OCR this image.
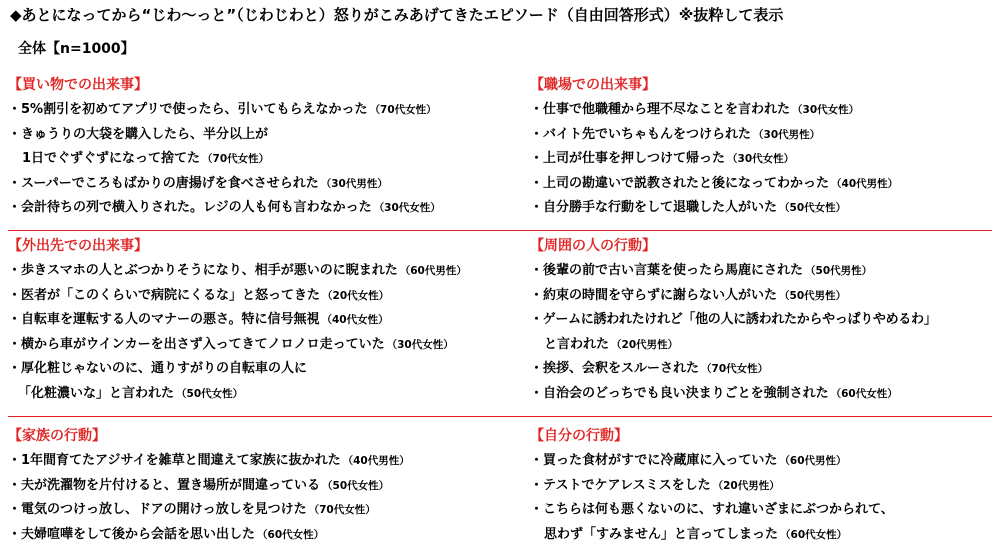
◆あとになってから“じわ～っと”（じわじわと）怒りがこみあげてきたエピソード（自由回答形式）※抜粋して表示
全体【n=1000】
【買い物での出来事】
・5%割引を初めてアプリで使ったら、引いてもらえなかった （70代女性）
・きゅうりの大袋を購入したら、半分以上が
1日でぐずぐずになって捨てた （70代女性）
・スーパーでころもばかりの唐揚げを食べさせられた （30代男性）
・会計待ちの列で横入りされた。レジの人も何も言わなかった （30代女性）
【職場での出来事】
・仕事で他職種から理不尽なことを言われた （30代女性）
・バイト先でいちゃもんをつけられた （30代男性）
・上司が仕事を押しつけて帰った （30代女性）
・上司の勘違いで説教されたと後になってわかった （40代男性）
・自分勝手な行動をして退職した人がいた （50代女性）
【外出先での出来事】
・歩きスマホの人とぶつかりそうになり、相手が悪いのに睨まれた （60代男性）
・医者が「このくらいで病院にくるな」と怒ってきた （20代女性）
・自転車を運転する人のマナーの悪さ。特に信号無視 （40代女性）
・横から車がウインカーを出さず入ってきてノロノロ走っていた （30代女性）
・厚化粧じゃないのに、通りすがりの自転車の人に
「化粧濃いな」と言われた （50代女性）
【周囲の人の行動】
・後輩の前で古い言葉を使ったら馬鹿にされた （50代男性）
・約束の時間を守らずに謝らない人がいた （50代男性）
・ゲームに誘われたけれど「他の人に誘われたからやっぱりやめるわ」
と言われた （20代男性）
・挨拶、会釈をスルーされた （70代女性）
・自治会のどっちでも良い決まりごとを強制された （60代女性）
【家族の行動】
・1年間育てたアジサイを雑草と間違えて家族に抜かれた （40代男性）
・夫が洗濯物を片付けると、置き場所が間違っている （50代女性）
・電気のつけっ放し、ドアの開けっ放しを見つけた （70代女性）
・夫婦喧嘩をして後から会話を思い出した （60代女性）
【自分の行動】
・買った食材がすでに冷蔵庫に入っていた （60代男性）
・テストでケアレスミスをした （20代男性）
・こちらは何も悪くないのに、すれ違いざまにぶつかられて、
思わず「すみません」と言ってしまった （60代女性）
